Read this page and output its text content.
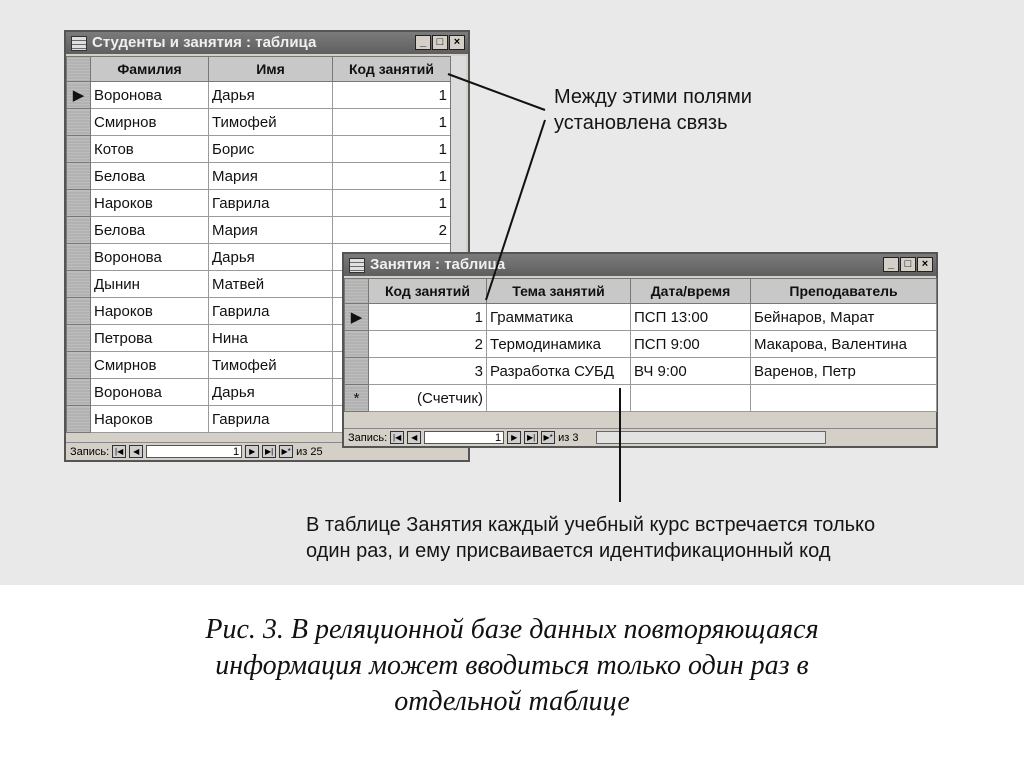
Студенты и занятия : таблица	_ □ ×
	Фамилия	Имя	Код занятий
▶	Воронова	Дарья	1
	Смирнов	Тимофей	1
	Котов	Борис	1
	Белова	Мария	1
	Нароков	Гаврила	1
	Белова	Мария	2
	Воронова	Дарья	
	Дынин	Матвей	
	Нароков	Гаврила	
	Петрова	Нина	
	Смирнов	Тимофей	
	Воронова	Дарья	
	Нароков	Гаврила	
Запись: |◀	◀	1	▶	▶|	▶* из 25
Занятия : таблица	_ □ ×
	Код занятий	Тема занятий	Дата/время	Преподаватель
▶	1	Грамматика	ПСП 13:00	Бейнаров, Марат
	2	Термодинамика	ПСП 9:00	Макарова, Валентина
	3	Разработка СУБД	ВЧ 9:00	Варенов, Петр
*	(Счетчик)			
Запись: |◀	◀	1	▶	▶|	▶* из 3
Между этими полями
установлена связь
В таблице Занятия каждый учебный курс встречается только
один раз, и ему присваивается идентификационный код
Рис. 3. В реляционной базе данных повторяющаяся
информация может вводиться только один раз в
отдельной таблице
